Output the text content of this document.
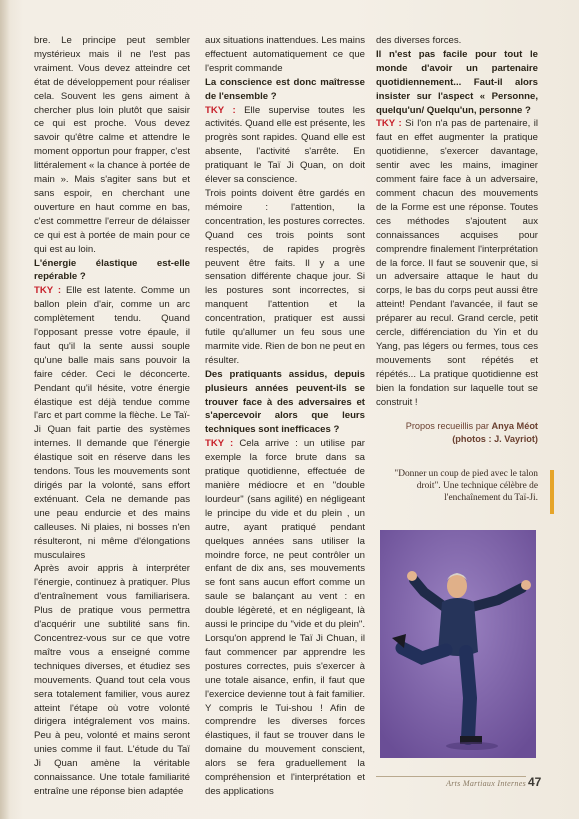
bre. Le principe peut sembler mystérieux mais il ne l'est pas vraiment. Vous devez atteindre cet état de développement pour réaliser cela. Souvent les gens aiment à chercher plus loin plutôt que saisir ce qui est proche. Vous devez savoir qu'être calme et attendre le moment opportun pour frapper, c'est littéralement « la chance à portée de main ». Mais s'agiter sans but et sans espoir, en cherchant une ouverture en haut comme en bas, c'est commettre l'erreur de délaisser ce qui est à portée de main pour ce qui est au loin.

L'énergie élastique est-elle repérable ?

TKY : Elle est latente. Comme un ballon plein d'air, comme un arc complètement tendu. Quand l'opposant presse votre épaule, il faut qu'il la sente aussi souple qu'une balle mais sans pouvoir la faire céder. Ceci le déconcerte. Pendant qu'il hésite, votre énergie élastique est déjà tendue comme l'arc et part comme la flèche. Le Taï-Ji Quan fait partie des systèmes internes. Il demande que l'énergie élastique soit en réserve dans les tendons. Tous les mouvements sont dirigés par la volonté, sans effort exténuant. Cela ne demande pas une peau endurcie et des mains calleuses. Ni plaies, ni bosses n'en résulteront, ni même d'élongations musculaires

Après avoir appris à interpréter l'énergie, continuez à pratiquer. Plus d'entraînement vous familiarisera. Plus de pratique vous permettra d'acquérir une subtilité sans fin. Concentrez-vous sur ce que votre maître vous a enseigné comme techniques diverses, et étudiez ses mouvements. Quand tout cela vous sera totalement familier, vous aurez atteint l'étape où votre volonté dirigera intégralement vos mains. Peu à peu, volonté et mains seront unies comme il faut. L'étude du Taï Ji Quan amène la véritable connaissance. Une totale familiarité entraîne une réponse bien adaptée

aux situations inattendues. Les mains effectuent automatiquement ce que l'esprit commande

La conscience est donc maîtresse de l'ensemble ?

TKY : Elle supervise toutes les activités. Quand elle est présente, les progrès sont rapides. Quand elle est absente, l'activité s'arrête. En pratiquant le Taï Ji Quan, on doit élever sa conscience.

Trois points doivent être gardés en mémoire : l'attention, la concentration, les postures correctes. Quand ces trois points sont respectés, de rapides progrès peuvent être faits. Il y a une sensation différente chaque jour. Si les postures sont incorrectes, si manquent l'attention et la concentration, pratiquer est aussi futile qu'allumer un feu sous une marmite vide. Rien de bon ne peut en résulter.

Des pratiquants assidus, depuis plusieurs années peuvent-ils se trouver face à des adversaires et s'apercevoir alors que leurs techniques sont inefficaces ?

TKY : Cela arrive : un utilise par exemple la force brute dans sa pratique quotidienne, effectuée de manière médiocre et en "double lourdeur" (sans agilité) en négligeant le principe du vide et du plein , un autre, ayant pratiqué pendant quelques années sans utiliser la moindre force, ne peut contrôler un enfant de dix ans, ses mouvements se font sans aucun effort comme un saule se balançant au vent : en double légèreté, et en négligeant, là aussi le principe du "vide et du plein". Lorsqu'on apprend le Taï Ji Chuan, il faut commencer par apprendre les postures correctes, puis s'exercer à une totale aisance, enfin, il faut que l'exercice devienne tout à fait familier. Y compris le Tui-shou ! Afin de comprendre les diverses forces élastiques, il faut se trouver dans le domaine du mouvement conscient, alors se fera graduellement la compréhension et l'interprétation et des applications

des diverses forces.

Il n'est pas facile pour tout le monde d'avoir un partenaire quotidiennement... Faut-il alors insister sur l'aspect « Personne, quelqu'un/ Quelqu'un, personne ?

TKY : Si l'on n'a pas de partenaire, il faut en effet augmenter la pratique quotidienne, s'exercer davantage, sentir avec les mains, imaginer comment faire face à un adversaire, comment chacun des mouvements de la Forme est une réponse. Toutes ces méthodes s'ajoutent aux connaissances acquises pour comprendre finalement l'interprétation de la force. Il faut se souvenir que, si un adversaire attaque le haut du corps, le bas du corps peut aussi être atteint! Pendant l'avancée, il faut se préparer au recul. Grand cercle, petit cercle, différenciation du Yin et du Yang, pas légers ou fermes, tous ces mouvements sont répétés et répétés... La pratique quotidienne est bien la fondation sur laquelle tout se construit !

Propos recueillis par Anya Méot
(photos : J. Vayriot)
"Donner un coup de pied avec le talon droit". Une technique célèbre de l'enchaînement du Taï-Ji.
Arts Martiaux Internes 47
